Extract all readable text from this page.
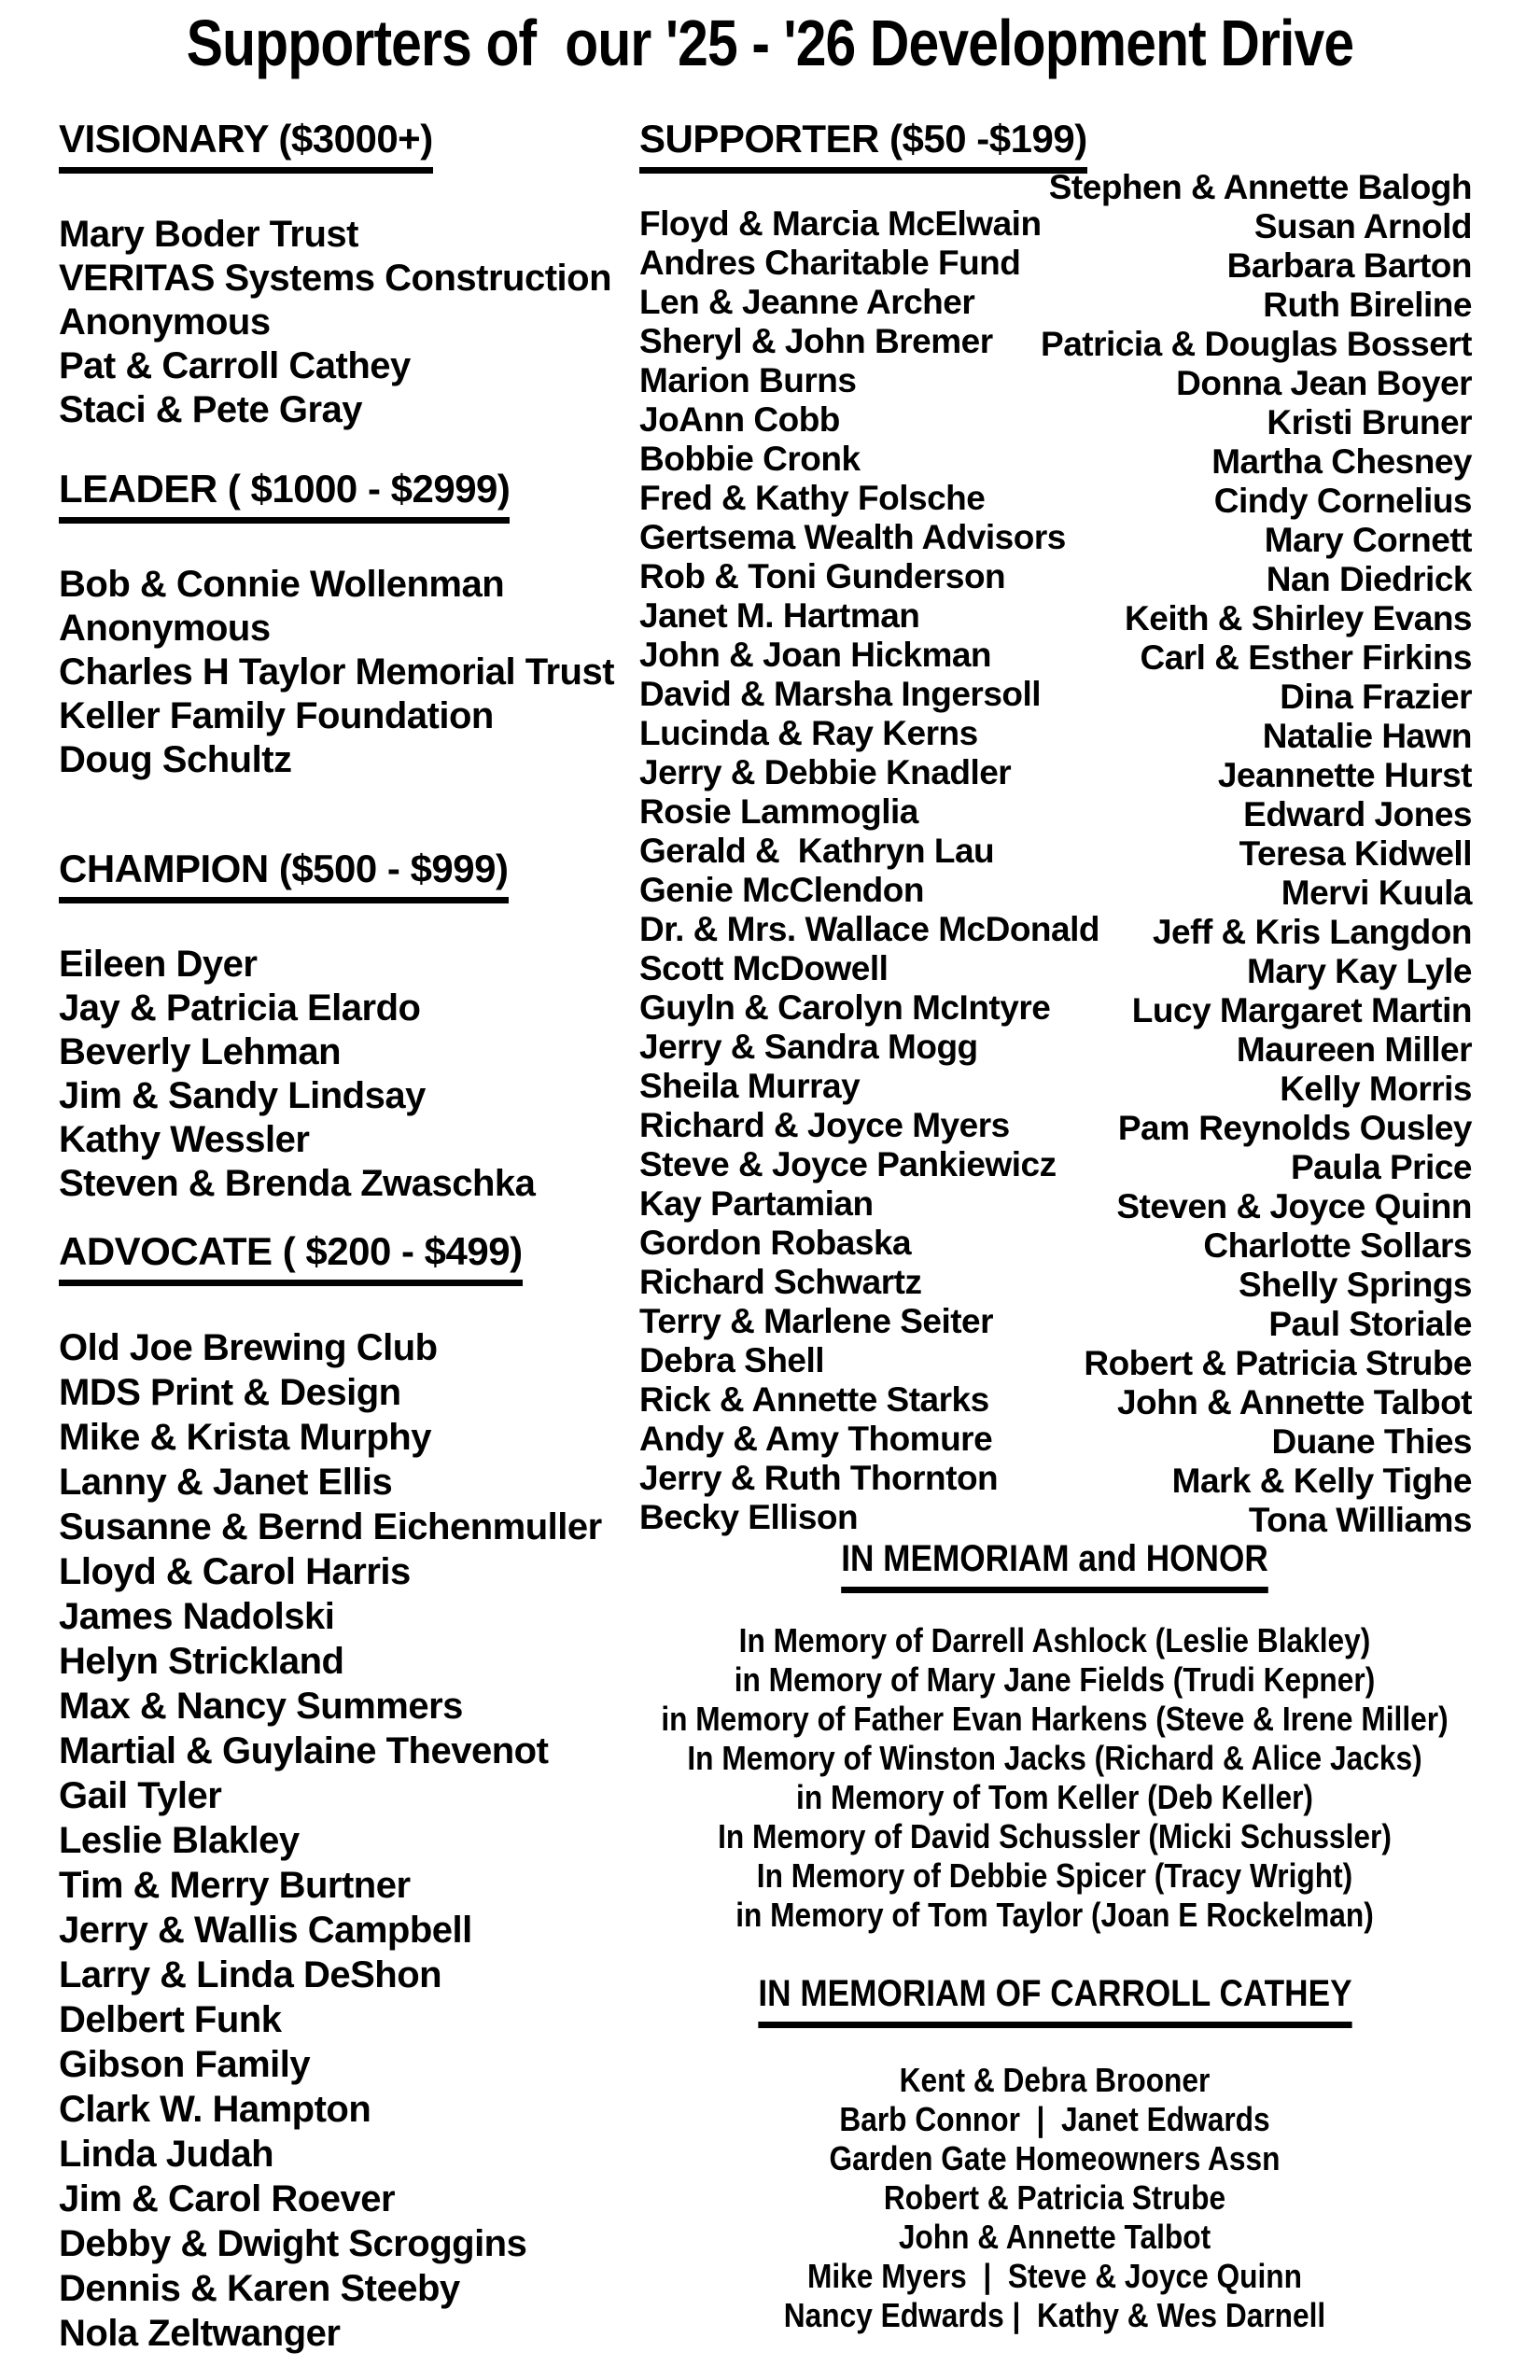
Supporters of  our '25 - '26 Development Drive
VISIONARY ($3000+)
Mary Boder Trust
VERITAS Systems Construction
Anonymous
Pat & Carroll Cathey
Staci & Pete Gray
LEADER ( $1000 - $2999)
Bob & Connie Wollenman
Anonymous
Charles H Taylor Memorial Trust
Keller Family Foundation
Doug Schultz
CHAMPION ($500 - $999)
Eileen Dyer
Jay & Patricia Elardo
Beverly Lehman
Jim & Sandy Lindsay
Kathy Wessler
Steven & Brenda Zwaschka
ADVOCATE ( $200 - $499)
Old Joe Brewing Club
MDS Print & Design
Mike & Krista Murphy
Lanny & Janet Ellis
Susanne & Bernd Eichenmuller
Lloyd & Carol Harris
James Nadolski
Helyn Strickland
Max & Nancy Summers
Martial & Guylaine Thevenot
Gail Tyler
Leslie Blakley
Tim & Merry Burtner
Jerry & Wallis Campbell
Larry & Linda DeShon
Delbert Funk
Gibson Family
Clark W. Hampton
Linda Judah
Jim & Carol Roever
Debby & Dwight Scroggins
Dennis & Karen Steeby
Nola Zeltwanger
SUPPORTER ($50 -$199)
Floyd & Marcia McElwain
Andres Charitable Fund
Len & Jeanne Archer
Sheryl & John Bremer
Marion Burns
JoAnn Cobb
Bobbie Cronk
Fred & Kathy Folsche
Gertsema Wealth Advisors
Rob & Toni Gunderson
Janet M. Hartman
John & Joan Hickman
David & Marsha Ingersoll
Lucinda & Ray Kerns
Jerry & Debbie Knadler
Rosie Lammoglia
Gerald &  Kathryn Lau
Genie McClendon
Dr. & Mrs. Wallace McDonald
Scott McDowell
Guyln & Carolyn McIntyre
Jerry & Sandra Mogg
Sheila Murray
Richard & Joyce Myers
Steve & Joyce Pankiewicz
Kay Partamian
Gordon Robaska
Richard Schwartz
Terry & Marlene Seiter
Debra Shell
Rick & Annette Starks
Andy & Amy Thomure
Jerry & Ruth Thornton
Becky Ellison
Stephen & Annette Balogh
Susan Arnold
Barbara Barton
Ruth Bireline
Patricia & Douglas Bossert
Donna Jean Boyer
Kristi Bruner
Martha Chesney
Cindy Cornelius
Mary Cornett
Nan Diedrick
Keith & Shirley Evans
Carl & Esther Firkins
Dina Frazier
Natalie Hawn
Jeannette Hurst
Edward Jones
Teresa Kidwell
Mervi Kuula
Jeff & Kris Langdon
Mary Kay Lyle
Lucy Margaret Martin
Maureen Miller
Kelly Morris
Pam Reynolds Ousley
Paula Price
Steven & Joyce Quinn
Charlotte Sollars
Shelly Springs
Paul Storiale
Robert & Patricia Strube
John & Annette Talbot
Duane Thies
Mark & Kelly Tighe
Tona Williams
IN MEMORIAM and HONOR
In Memory of Darrell Ashlock (Leslie Blakley)
in Memory of Mary Jane Fields (Trudi Kepner)
in Memory of Father Evan Harkens (Steve & Irene Miller)
In Memory of Winston Jacks (Richard & Alice Jacks)
in Memory of Tom Keller (Deb Keller)
In Memory of David Schussler (Micki Schussler)
In Memory of Debbie Spicer (Tracy Wright)
in Memory of Tom Taylor (Joan E Rockelman)
IN MEMORIAM OF CARROLL CATHEY
Kent & Debra Brooner
Barb Connor  |  Janet Edwards
Garden Gate Homeowners Assn
Robert & Patricia Strube
John & Annette Talbot
Mike Myers  |  Steve & Joyce Quinn
Nancy Edwards |  Kathy & Wes Darnell
